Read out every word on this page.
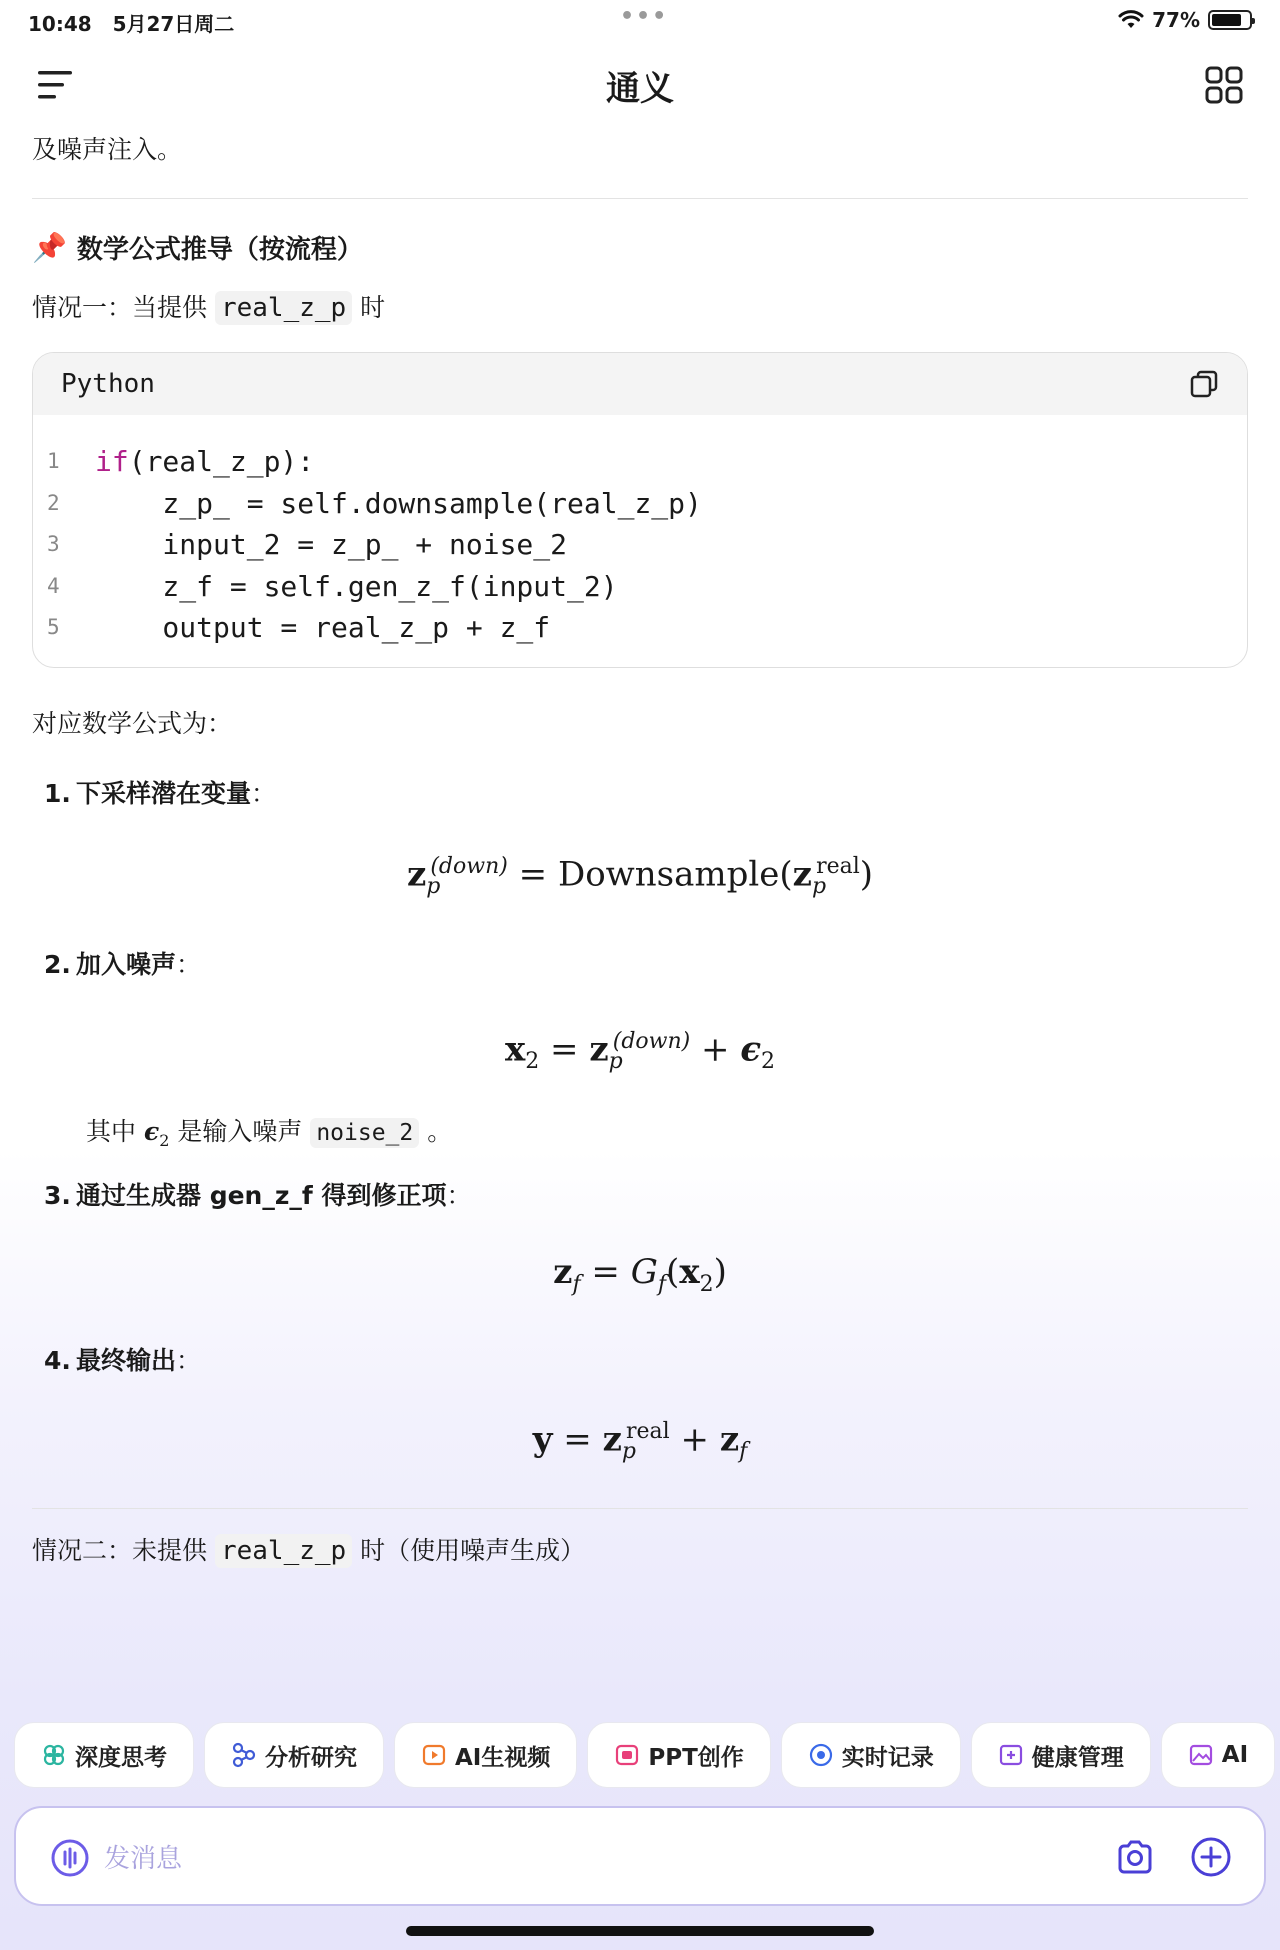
10:48 5月27日周二	•••	77%
通义
及噪声注入。
📌 数学公式推导（按流程）
情况一：当提供 real_z_p 时
Python
1	if(real_z_p):
2	z_p_ = self.downsample(real_z_p)
3	input_2 = z_p_ + noise_2
4	z_f = self.gen_z_f(input_2)
5	output = real_z_p + z_f
对应数学公式为：
1. 下采样潜在变量：
$z_p^{(down)}$ = $Downsample(z_p^{real})$
2. 加入噪声：
$x_2 = z_p^{(down)} + \epsilon_2$
其中 $\epsilon_2$ 是输入噪声 noise_2 。
3. 通过生成器 gen_z_f 得到修正项：
$z_f = G_f(x_2)$
4. 最终输出：
$y = z_p^{real} + z_f$
情况二：未提供 real_z_p 时（使用噪声生成）
深度思考	分析研究	AI生视频	PPT创作	实时记录	健康管理	AI
发消息
